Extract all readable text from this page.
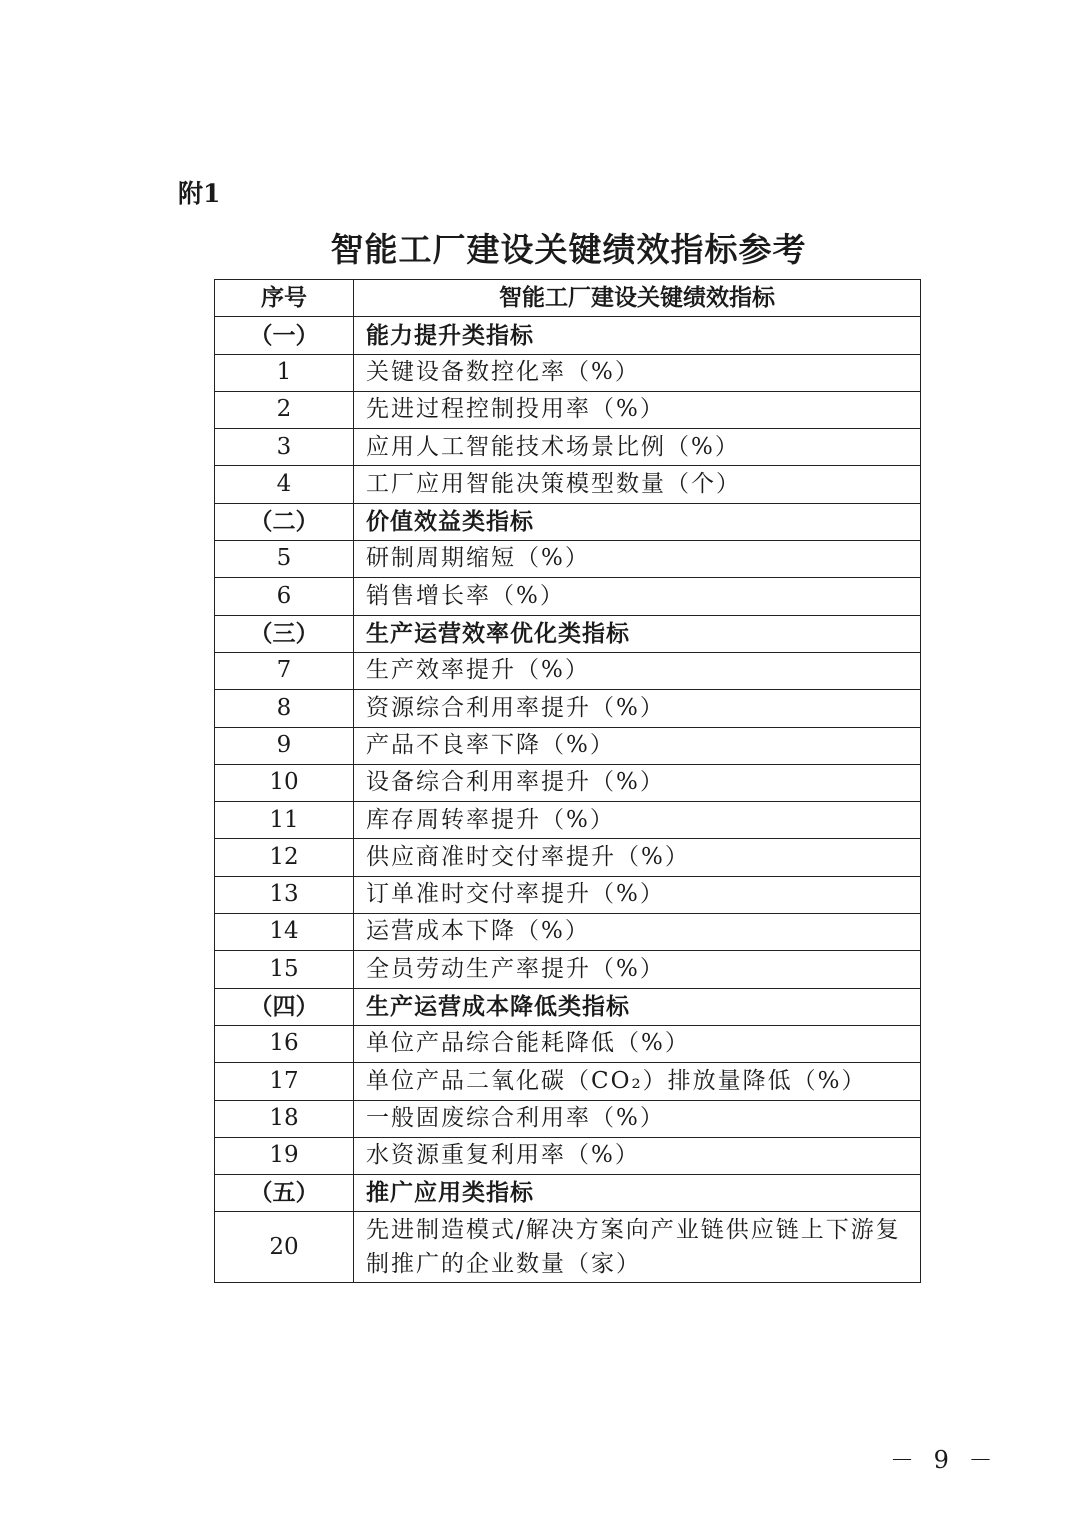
附1
智能工厂建设关键绩效指标参考
序号	智能工厂建设关键绩效指标
（一）	能力提升类指标
1	关键设备数控化率（%）
2	先进过程控制投用率（%）
3	应用人工智能技术场景比例（%）
4	工厂应用智能决策模型数量（个）
（二）	价值效益类指标
5	研制周期缩短（%）
6	销售增长率（%）
（三）	生产运营效率优化类指标
7	生产效率提升（%）
8	资源综合利用率提升（%）
9	产品不良率下降（%）
10	设备综合利用率提升（%）
11	库存周转率提升（%）
12	供应商准时交付率提升（%）
13	订单准时交付率提升（%）
14	运营成本下降（%）
15	全员劳动生产率提升（%）
（四）	生产运营成本降低类指标
16	单位产品综合能耗降低（%）
17	单位产品二氧化碳（CO₂）排放量降低（%）
18	一般固废综合利用率（%）
19	水资源重复利用率（%）
（五）	推广应用类指标
20	先进制造模式/解决方案向产业链供应链上下游复制推广的企业数量（家）
－ 9 －
